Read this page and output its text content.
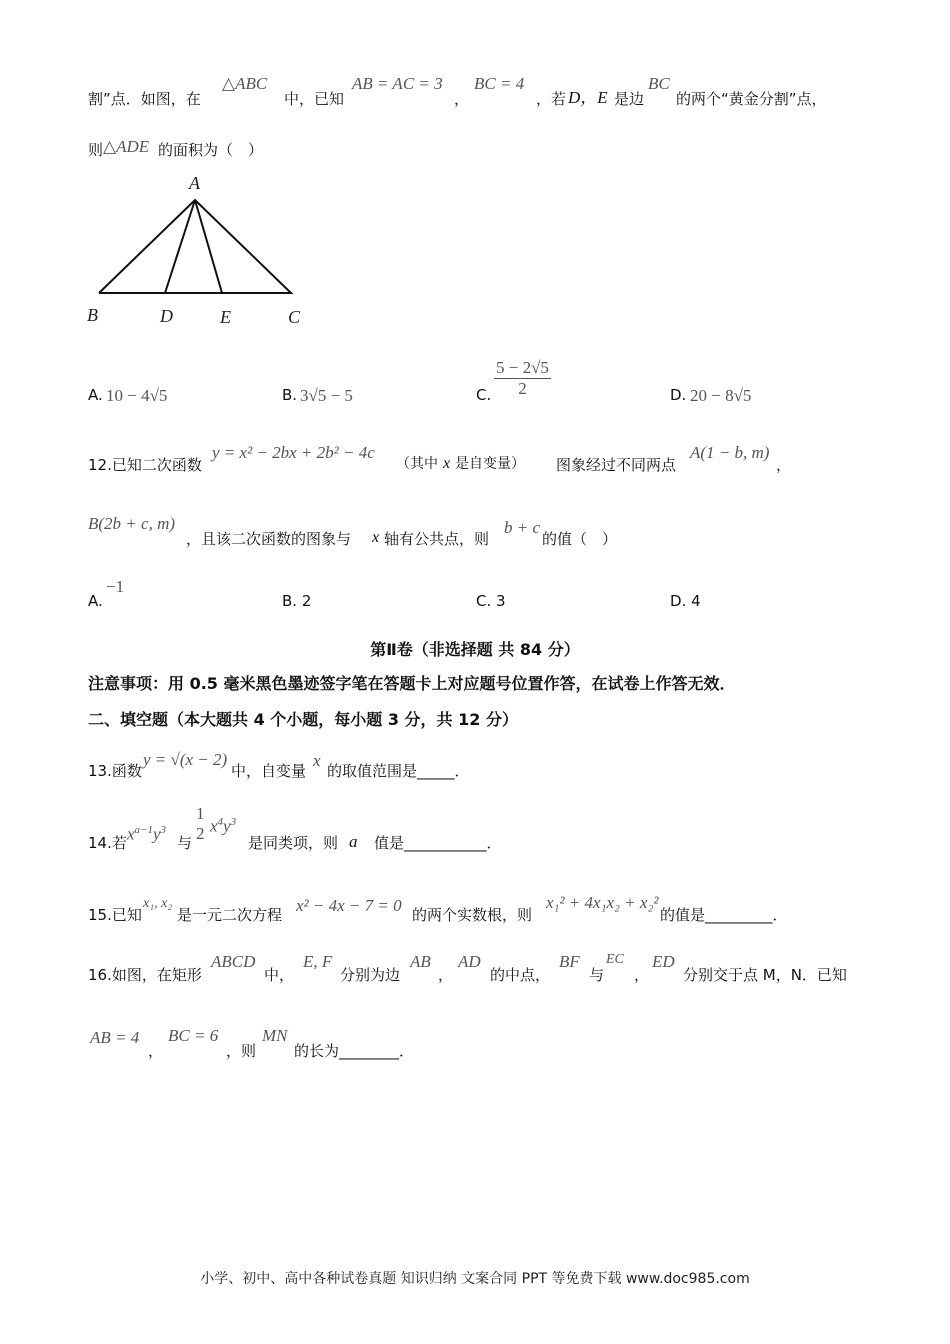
割”点．如图，在
△ABC
中，已知
AB = AC = 3
，
BC = 4
，若 D，E 是边
BC
的两个“黄金分割”点，
则 △ADE 的面积为（　）
A
B	D	E	C
A. 10 − 4√5	B. 3√5 − 5	C. $\frac{5 - 2√5}{2}$	D. 20 − 8√5
12.已知二次函数
y = x² − 2bx + 2b² − 4c
（其中 x 是自变量） 图象经过不同两点
A(1 − b, m)
，
B(2b + c, m)
，且该二次函数的图象与 x 轴有公共点，则
b + c
的值（　）
A.
−1
B. 2	C. 3	D. 4
第Ⅱ卷（非选择题 共 84 分）
注意事项：用 0.5 毫米黑色墨迹签字笔在答题卡上对应题号位置作答，在试卷上作答无效．
二、填空题（本大题共 4 个小题，每小题 3 分，共 12 分）
13.函数
y = √(x − 2)
中，自变量
x
的取值范围是_____．
14.若 $x^{a-1}y^3$
与
1
2 $x^4y^3$
是同类项，则 a 值是___________．
15.已知
x₁, x₂
是一元二次方程 x² − 4x − 7 = 0 的两个实数根，则
x₁² + 4x₁x₂ + x₂²
的值是_________．
16.如图，在矩形
ABCD
中，
E, F
分别为边
AB
，
AD
的中点，
BF
与
EC
，
ED
分别交于点 M，N．已知
AB = 4
，
BC = 6
，则
MN
的长为________．
小学、初中、高中各种试卷真题 知识归纳 文案合同 PPT 等免费下载 www.doc985.com
